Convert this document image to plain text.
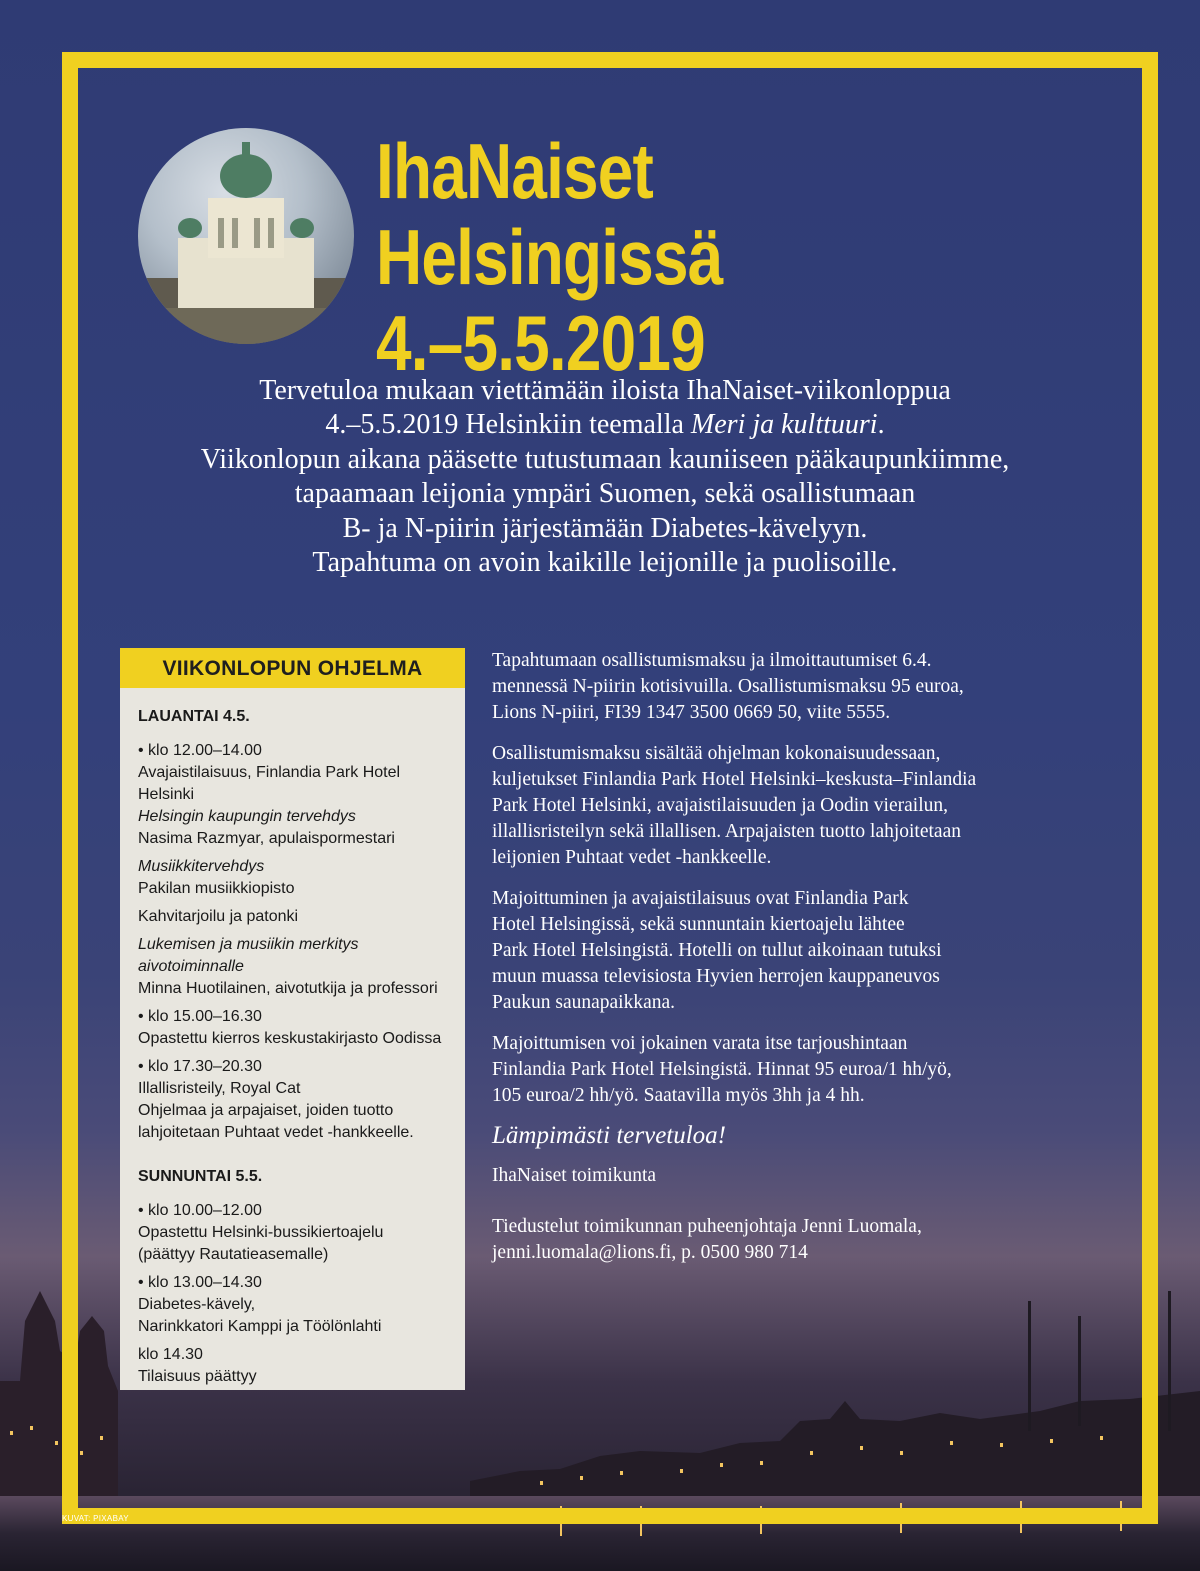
IhaNaiset Helsingissä
4.–5.5.2019
Tervetuloa mukaan viettämään iloista IhaNaiset-viikonloppua
4.–5.5.2019 Helsinkiin teemalla Meri ja kulttuuri.
Viikonlopun aikana pääsette tutustumaan kauniiseen pääkaupunkiimme,
tapaamaan leijonia ympäri Suomen, sekä osallistumaan
B- ja N-piirin järjestämään Diabetes-kävelyyn.
Tapahtuma on avoin kaikille leijonille ja puolisoille.
VIIKONLOPUN OHJELMA
LAUANTAI 4.5.
• klo 12.00–14.00
Avajaistilaisuus, Finlandia Park Hotel Helsinki
Helsingin kaupungin tervehdys
Nasima Razmyar, apulaispormestari
Musiikkitervehdys
Pakilan musiikkiopisto
Kahvitarjoilu ja patonki
Lukemisen ja musiikin merkitys
aivotoiminnalle
Minna Huotilainen, aivotutkija ja professori
• klo 15.00–16.30
Opastettu kierros keskustakirjasto Oodissa
• klo 17.30–20.30
Illallisristeily, Royal Cat
Ohjelmaa ja arpajaiset, joiden tuotto
lahjoitetaan Puhtaat vedet -hankkeelle.
SUNNUNTAI 5.5.
• klo 10.00–12.00
Opastettu Helsinki-bussikiertoajelu
(päättyy Rautatieasemalle)
• klo 13.00–14.30
Diabetes-kävely,
Narinkkatori Kamppi ja Töölönlahti
klo 14.30
Tilaisuus päättyy

Tapahtumaan osallistumismaksu ja ilmoittautumiset 6.4.
mennessä N-piirin kotisivuilla. Osallistumismaksu 95 euroa,
Lions N-piiri, FI39 1347 3500 0669 50, viite 5555.

Osallistumismaksu sisältää ohjelman kokonaisuudessaan,
kuljetukset Finlandia Park Hotel Helsinki–keskusta–Finlandia
Park Hotel Helsinki, avajaistilaisuuden ja Oodin vierailun,
illallisristeilyn sekä illallisen. Arpajaisten tuotto lahjoitetaan
leijonien Puhtaat vedet -hankkeelle.

Majoittuminen ja avajaistilaisuus ovat Finlandia Park
Hotel Helsingissä, sekä sunnuntain kiertoajelu lähtee
Park Hotel Helsingistä. Hotelli on tullut aikoinaan tutuksi
muun muassa televisiosta Hyvien herrojen kauppaneuvos
Paukun saunapaikkana.

Majoittumisen voi jokainen varata itse tarjoushintaan
Finlandia Park Hotel Helsingistä. Hinnat 95 euroa/1 hh/yö,
105 euroa/2 hh/yö. Saatavilla myös 3hh ja 4 hh.

Lämpimästi tervetuloa!

IhaNaiset toimikunta

Tiedustelut toimikunnan puheenjohtaja Jenni Luomala,
jenni.luomala@lions.fi, p. 0500 980 714

KUVAT: PIXABAY
